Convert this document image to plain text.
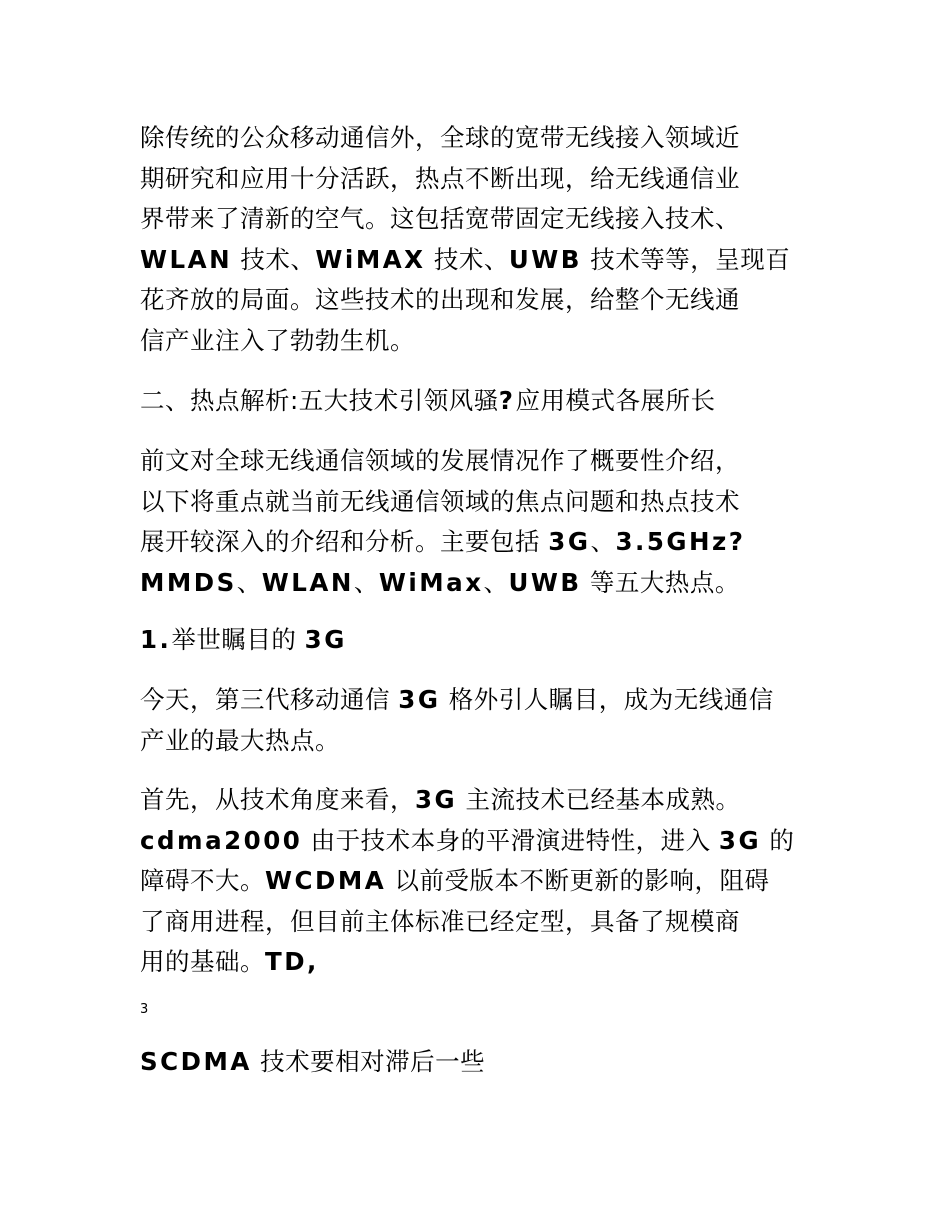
除传统的公众移动通信外，全球的宽带无线接入领域近
期研究和应用十分活跃，热点不断出现，给无线通信业
界带来了清新的空气。这包括宽带固定无线接入技术、
WLAN 技术、WiMAX 技术、UWB 技术等等，呈现百
花齐放的局面。这些技术的出现和发展，给整个无线通
信产业注入了勃勃生机。
二、热点解析:五大技术引领风骚?应用模式各展所长
前文对全球无线通信领域的发展情况作了概要性介绍，
以下将重点就当前无线通信领域的焦点问题和热点技术
展开较深入的介绍和分析。主要包括 3G、3.5GHz?
MMDS、WLAN、WiMax、UWB 等五大热点。
1.举世瞩目的 3G
今天，第三代移动通信 3G 格外引人瞩目，成为无线通信
产业的最大热点。
首先，从技术角度来看，3G 主流技术已经基本成熟。
cdma2000 由于技术本身的平滑演进特性，进入 3G 的
障碍不大。WCDMA 以前受版本不断更新的影响，阻碍
了商用进程，但目前主体标准已经定型，具备了规模商
用的基础。TD,
3
SCDMA 技术要相对滞后一些
